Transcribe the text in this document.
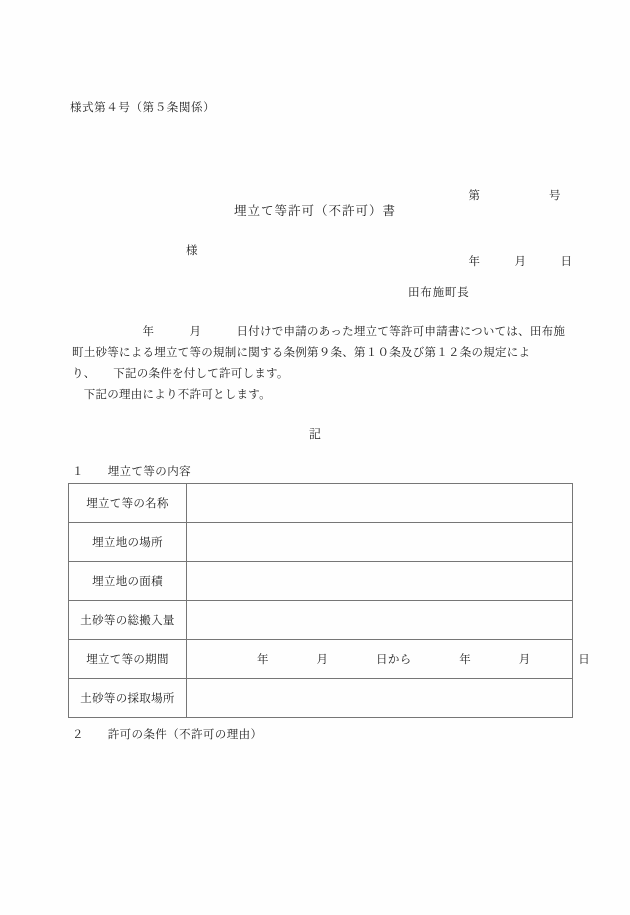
様式第４号（第５条関係）

第　　　　　　号

年　　　月　　　日

埋立て等許可（不許可）書
様
田布施町長
　　　　　　年　　　月　　　日付けで申請のあった埋立て等許可申請書については、田布施
町土砂等による埋立て等の規制に関する条例第９条、第１０条及び第１２条の規定によ
り、　　下記の条件を付して許可します。
　下記の理由により不許可とします。
記
１　　埋立て等の内容
埋立て等の名称	
埋立地の場所	
埋立地の面積	
土砂等の総搬入量	
埋立て等の期間	年　　　　月　　　　日から　　　　年　　　　月　　　　日

土砂等の採取場所	
２　　許可の条件（不許可の理由）
